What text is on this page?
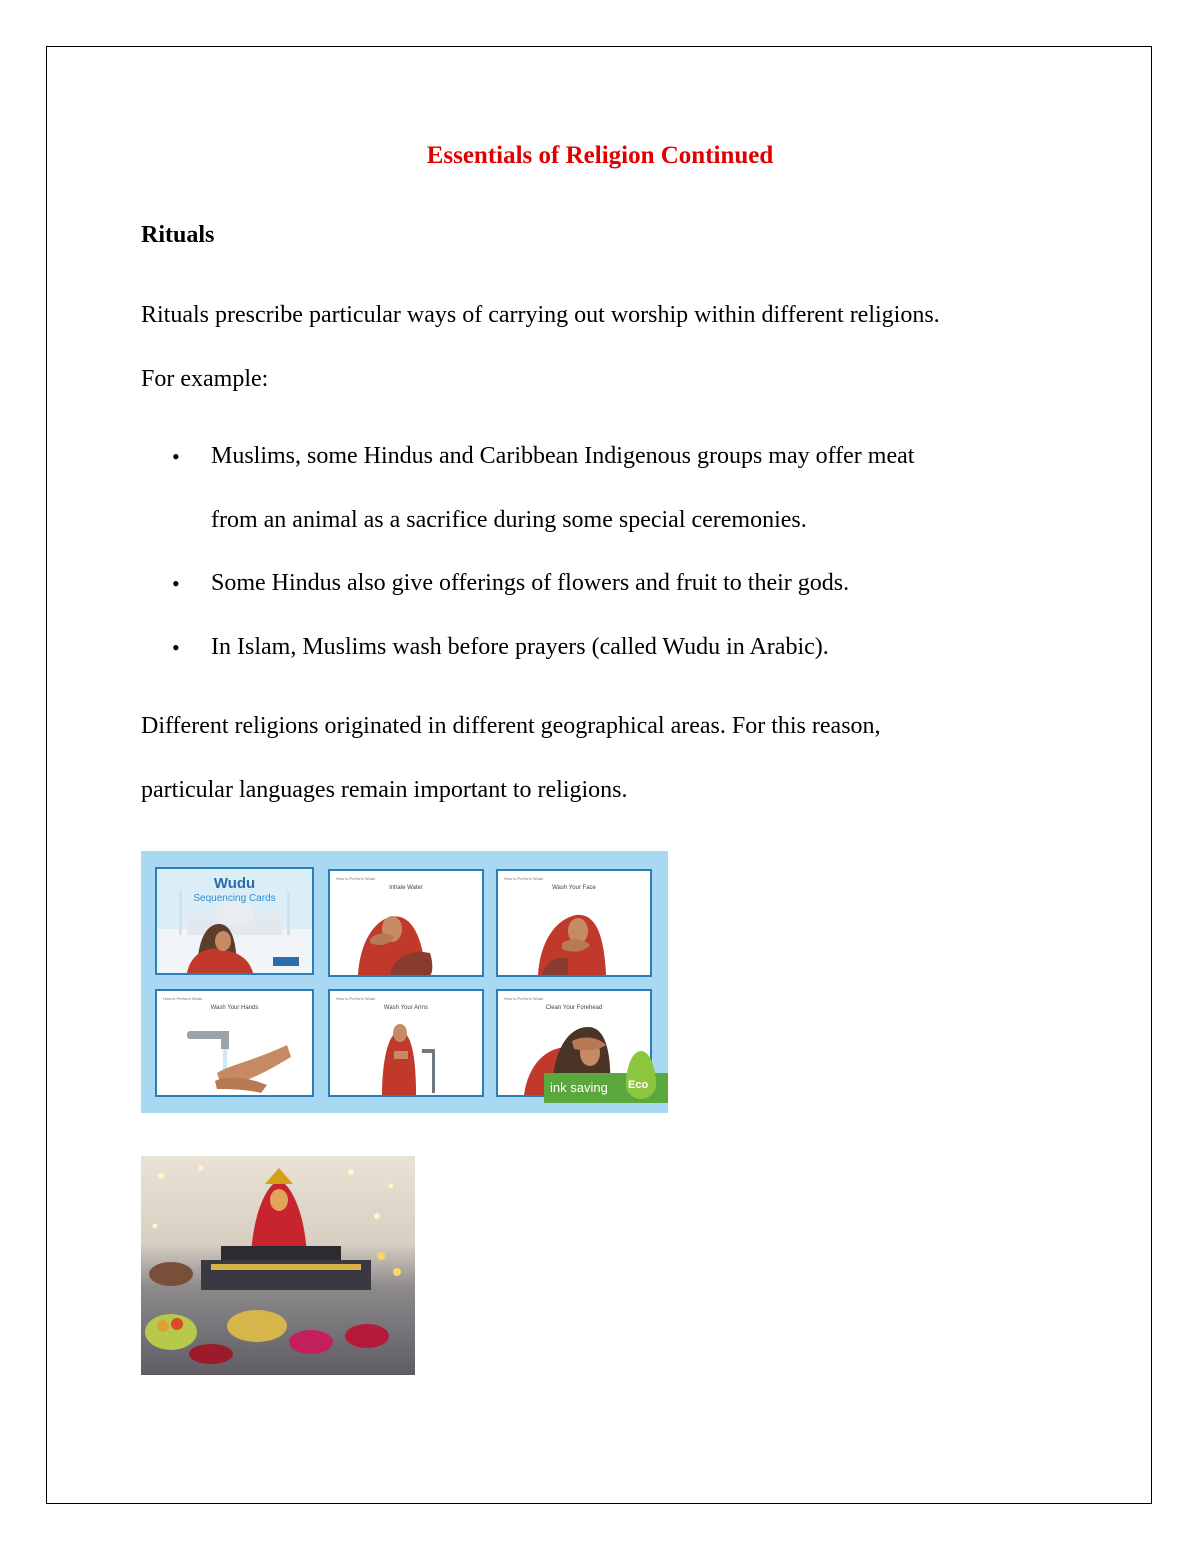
Essentials of Religion Continued
Rituals
Rituals prescribe particular ways of carrying out worship within different religions.
For example:
• Muslims, some Hindus and Caribbean Indigenous groups may offer meat
from an animal as a sacrifice during some special ceremonies.
• Some Hindus also give offerings of flowers and fruit to their gods.
• In Islam, Muslims wash before prayers (called Wudu in Arabic).
Different religions originated in different geographical areas. For this reason,
particular languages remain important to religions.
Wudu
Sequencing Cards
How to Perform Wudu
Inhale Water
How to Perform Wudu
Wash Your Face
How to Perform Wudu
Wash Your Hands
How to Perform Wudu
Wash Your Arms
How to Perform Wudu
Clean Your Forehead
ink saving Eco
